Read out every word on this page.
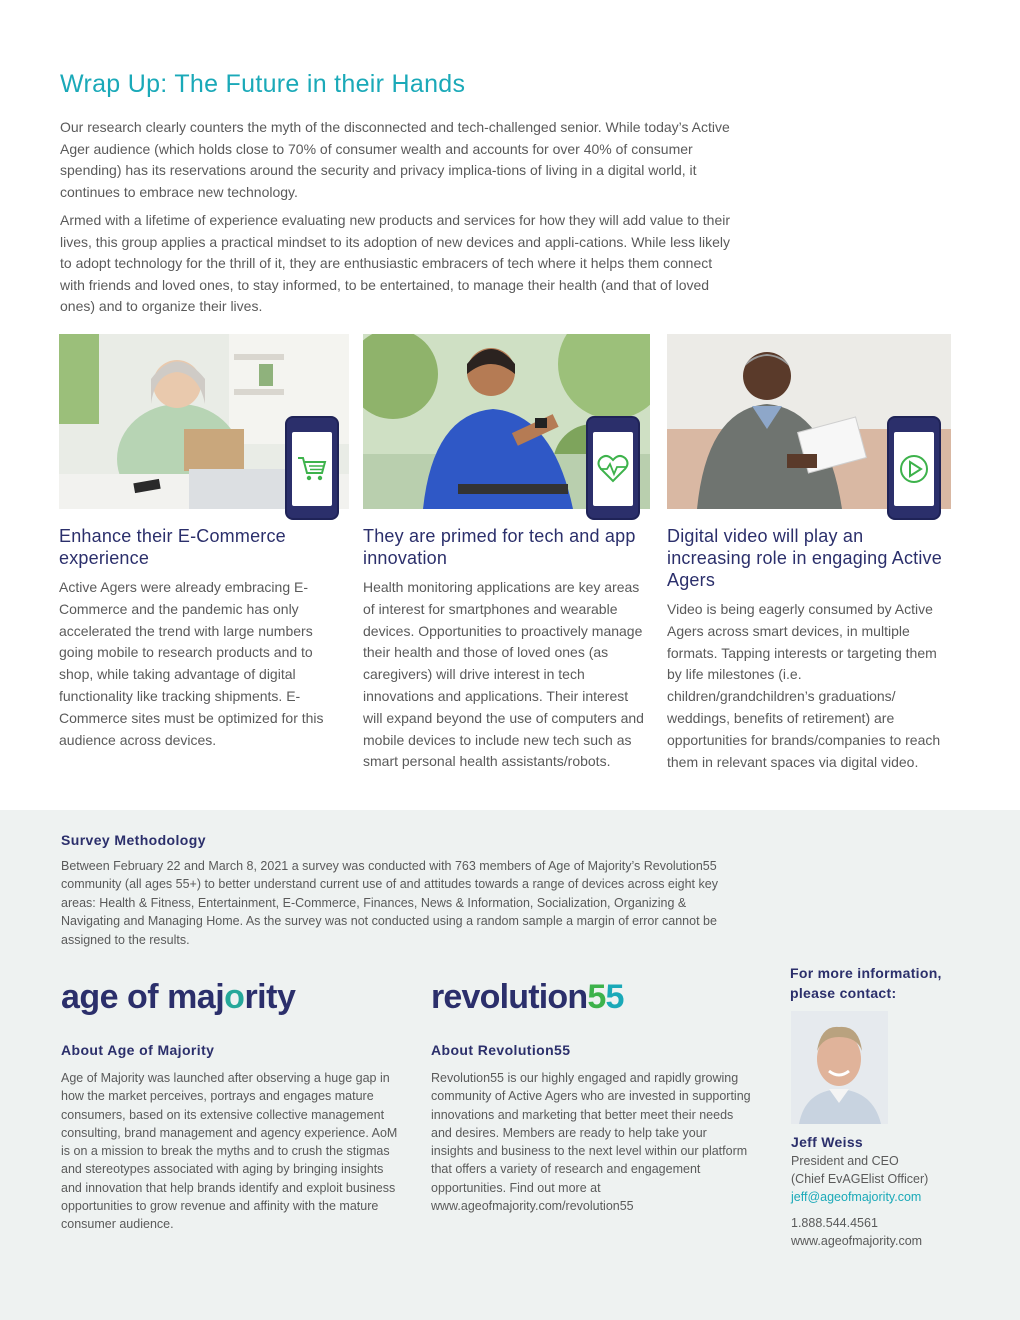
Wrap Up: The Future in their Hands

Our research clearly counters the myth of the disconnected and tech-challenged senior. While today’s Active Ager audience (which holds close to 70% of consumer wealth and accounts for over 40% of consumer spending) has its reservations around the security and privacy implica-tions of living in a digital world, it continues to embrace new technology.

Armed with a lifetime of experience evaluating new products and services for how they will add value to their lives, this group applies a practical mindset to its adoption of new devices and appli-cations. While less likely to adopt technology for the thrill of it, they are enthusiastic embracers of tech where it helps them connect with friends and loved ones, to stay informed, to be entertained, to manage their health (and that of loved ones) and to organize their lives.

Enhance their E-Commerce experience

Active Agers were already embracing E-Commerce and the pandemic has only accelerated the trend with large numbers going mobile to research products and to shop, while taking advantage of digital functionality like tracking shipments. E-Commerce sites must be optimized for this audience across devices.

They are primed for tech and app innovation

Health monitoring applications are key areas of interest for smartphones and wearable devices. Opportunities to proactively manage their health and those of loved ones (as caregivers) will drive interest in tech innovations and applications. Their interest will expand beyond the use of computers and mobile devices to include new tech such as smart personal health assistants/robots.

Digital video will play an increasing role in engaging Active Agers

Video is being eagerly consumed by Active Agers across smart devices, in multiple formats. Tapping interests or targeting them by life milestones (i.e. children/grandchildren’s graduations/ weddings, benefits of retirement) are opportunities for brands/companies to reach them in relevant spaces via digital video.

Survey Methodology

Between February 22 and March 8, 2021 a survey was conducted with 763 members of Age of Majority’s Revolution55 community (all ages 55+) to better understand current use of and attitudes towards a range of devices across eight key areas: Health & Fitness, Entertainment, E-Commerce, Finances, News & Information, Socialization, Organizing & Navigating and Managing Home. As the survey was not conducted using a random sample a margin of error cannot be assigned to the results.

age of majority
About Age of Majority

Age of Majority was launched after observing a huge gap in how the market perceives, portrays and engages mature consumers, based on its extensive collective management consulting, brand management and agency experience. AoM is on a mission to break the myths and to crush the stigmas and stereotypes associated with aging by bringing insights and innovation that help brands identify and exploit business opportunities to grow revenue and affinity with the mature consumer audience.

revolution55
About Revolution55

Revolution55 is our highly engaged and rapidly growing community of Active Agers who are invested in supporting innovations and marketing that better meet their needs and desires. Members are ready to help take your insights and business to the next level within our platform that offers a variety of research and engagement opportunities. Find out more at www.ageofmajority.com/revolution55

For more information, please contact:
Jeff Weiss
President and CEO
(Chief EvAGElist Officer)
jeff@ageofmajority.com
1.888.544.4561
www.ageofmajority.com
